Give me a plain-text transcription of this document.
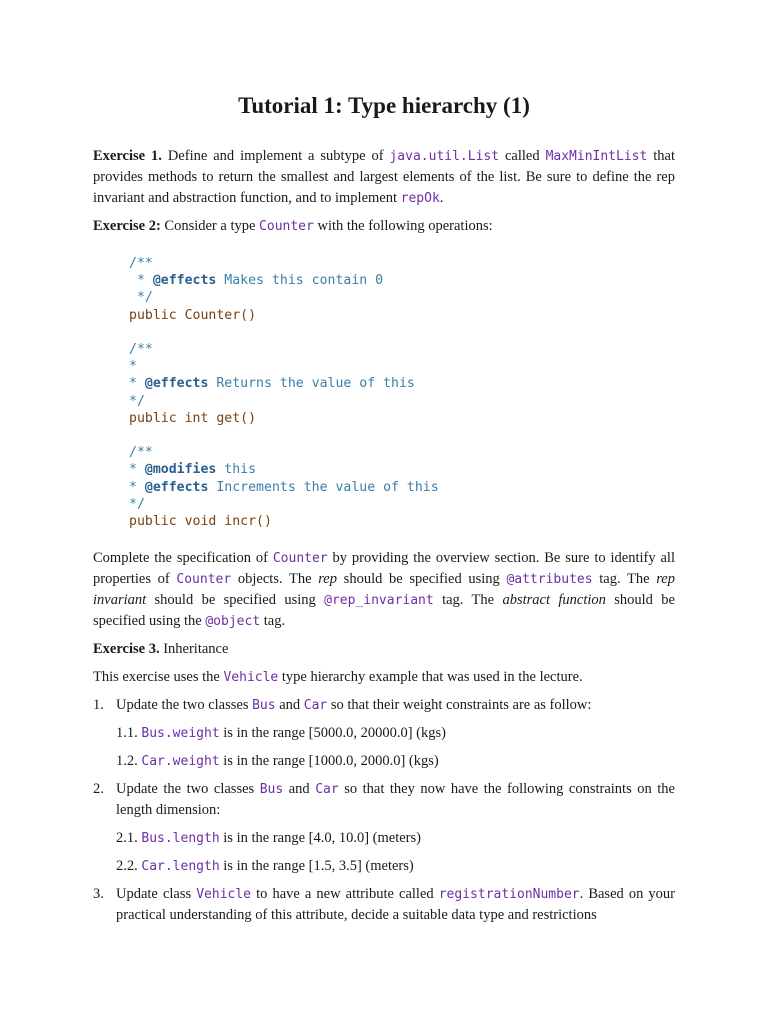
Tutorial 1: Type hierarchy (1)

Exercise 1. Define and implement a subtype of java.util.List called MaxMinIntList that provides methods to return the smallest and largest elements of the list. Be sure to define the rep invariant and abstraction function, and to implement repOk.

Exercise 2: Consider a type Counter with the following operations:

/**
* @effects Makes this contain 0
*/
public Counter()
/**
*
* @effects Returns the value of this
*/
public int get()
/**
* @modifies this
* @effects Increments the value of this
*/
public void incr()

Complete the specification of Counter by providing the overview section. Be sure to identify all properties of Counter objects. The rep should be specified using @attributes tag. The rep invariant should be specified using @rep_invariant tag. The abstract function should be specified using the @object tag.

Exercise 3. Inheritance

This exercise uses the Vehicle type hierarchy example that was used in the lecture.

1. Update the two classes Bus and Car so that their weight constraints are as follow:
1.1. Bus.weight is in the range [5000.0, 20000.0] (kgs)
1.2. Car.weight is in the range [1000.0, 2000.0] (kgs)
2. Update the two classes Bus and Car so that they now have the following constraints on the length dimension:
2.1. Bus.length is in the range [4.0, 10.0] (meters)
2.2. Car.length is in the range [1.5, 3.5] (meters)
3. Update class Vehicle to have a new attribute called registrationNumber. Based on your practical understanding of this attribute, decide a suitable data type and restrictions
